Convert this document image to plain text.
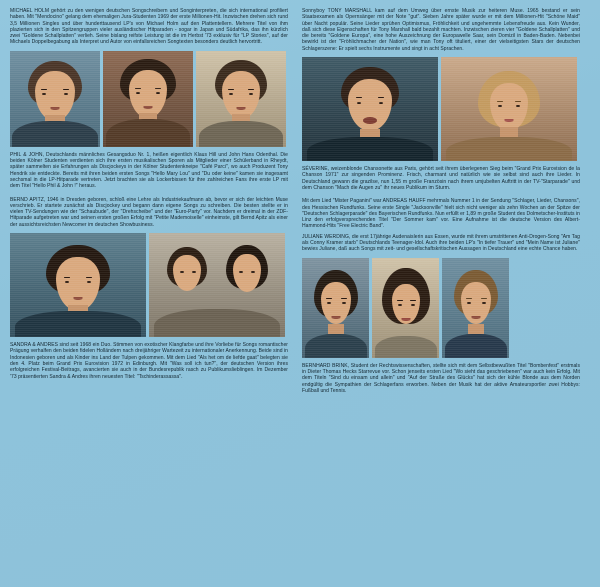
MICHAEL HOLM gehört zu den wenigen deutschen Songschreibern und Songinterpreten, die sich international profiliert haben. Mit "Mendocino" gelang dem ehemaligen Jura-Studenten 1969 der erste Millionen-Hit. Inzwischen drehen sich rund 3,5 Millionen Singles und über hunderttausend LP's von Michael Holm auf den Plattentellern. Mehrere Titel von ihm plazierten sich in den Spitzengruppen vieler ausländischer Hitparaden - sogar in Japan und Südafrika, das ihn kürzlich zwei "Goldene Schallplatten" verlieh. Seine bislang reifste Leistung ist die im Herbst '73 exklusiv für "LP Stories", auf der Michaels Doppelbegabung als Interpret und Autor von einfallsreichen Songtexten besonders deutlich hervortritt.
PHIL & JOHN, Deutschlands männliches Gesangsduo Nr. 1, heißen eigentlich Klaus Hill und John Hans Odenthal. Die beiden Kölner Studenten verdienten sich ihre ersten musikalischen Sporen als Mitglieder einer Schülerband in Rheydt, später sammelten sie Erfahrungen als Discjockeys in der Kölner Studentenkneipe "Café Parci", wo auch Produzent Tony Hendrik sie entdeckte. Bereits mit ihren beiden ersten Songs "Hello Mary Lou" und "Du oder keine" kamen sie insgesamt sechsmal in die LP-Hitparade vertreten. Jetzt brachten sie als Lockerbissen für ihre zahlreichen Fans ihre erste LP mit dem Titel "Hello Phil & John !" heraus.
BERND APITZ, 1946 in Dresden geboren, schloß eine Lehre als Industriekaufmann ab, bevor er sich der leichten Muse verschrieb. Er startete zunächst als Discjockey und begann dann eigene Songs zu schreiben. Die besten stellte er in vielen TV-Sendungen wie der "Schaubude", der "Drehscheibe" und der "Euro-Party" vor. Nachdem er dreimal in der ZDF-Hitparade aufgetreten war und seinen ersten großen Erfolg mit "Petite Mademoiselle" einheimste, gilt Bernd Apitz als einer der aussichtsreichsten Newcomer im deutschen Showbusiness.
SANDRA & ANDRES sind seit 1968 ein Duo. Stimmen von exotischer Klangfarbe und ihre Vorliebe für Songs romantischer Prägung verhalfen den beiden fidelen Holländern nach dreijähriger Wartezeit zu internationaler Anerkennung. Beide sind in Indonesien geboren und als Kinder ins Land der Tulpen gekommen. Mit dem Lied "Als het om de liefde gaat" belegten sie den 4. Platz beim Grand Prix Eurovision 1972 in Edinburgh. Mit "Was soll ich tun?", der deutschen Version ihres erfolgreichen Festival-Beitrags, avancierten sie auch in der Bundesrepublik rasch zu Publikumslieblingen. Im Dezember '73 präsentierten Sandra & Andres ihren neuesten Titel: "Tschinderassassa".
Sonnyboy TONY MARSHALL kam auf dem Umweg über ernste Musik zur heiteren Muse. 1965 bestand er sein Staatsexamen als Opernsänger mit der Note "gut". Sieben Jahre später wurde er mit dem Millionen-Hit "Schöne Maid" über Nacht populär. Seine Lieder sprühen Optimismus, Fröhlichkeit und ungehemmte Lebensfreude aus. Kein Wunder, daß sich diese Eigenschaften für Tony Marshall bald bezahlt machten. Inzwischen zieren vier "Goldene Schallplatten" und die bereits "Goldene Europa", eine hohe Auszeichnung der Europawelle Saar, sein Domizil in Baden-Baden. Nebenbei bewirkt ist der "Fröhlichmacher der Nation", wie man Tony oft tituliert, einer der vielseitigsten Stars der deutschen Schlagerszene: Er spielt sechs Instrumente und singt in acht Sprachen.
SÉVERINE, weizenblonde Chansonette aus Paris, gehört seit ihrem überlegenen Sieg beim "Grand Prix Eurovision de la Chanson 1971" zur singenden Prominenz. Frisch, charmant und natürlich wie sie selbst sind auch ihre Lieder. In Deutschland gewann die grazilse, nun 1,55 m große Französin nach ihrem umjubelten Auftritt in der TV-"Starparade" und dem Chanson "Mach die Augen zu" ihr neues Publikum im Sturm.
Mit dem Lied "Mister Paganini" war ANDREAS HAUFF mehrmals Nummer 1 in der Sendung "Schlager, Lieder, Chansons", des Hessischen Rundfunks. Seine erste Single "Jacksonville" hielt sich nicht weniger als zehn Wochen an der Spitze der "Deutschen Schlagerparade" des Bayerischen Rundfunks. Nun erfüllt er 1,89 m große Student des Dolmetscher-Instituts in Linz den erfolgversprechenden Titel "Der Sommer kam" vor. Eine Aufnahme ist die deutsche Version des Albert-Hammond-Hits "Free Electric Band".
JULIANE WERDING, die erst 17jährige Audenaislerin aus Essen, wurde mit ihrem umstrittenen Anti-Drogen-Song "Am Tag als Conny Kramer starb" Deutschlands Teenager-Idol. Auch ihre beiden LP's "In tiefer Trauer" und "Mein Name ist Juliane" bewies Juliane, daß auch Songs mit zeit- und gesellschaftskritischen Aussagen in Deutschland eine echte Chance haben.
BERNHARD BRINK, Student der Rechtswissenschaften, stellte sich mit dem Selbstbewußten Titel "Bombenfest" erstmals in Dieter Thomas Hecks Starrevue vor. Schon jenseits ersten Lied "Wo sieht das geschriebenen" war auch kein Erfolg. Mit dem Titeln "Sind du einsam und allein" und "Auf der Straße des Glücks" hat sich der kühle Blonde aus dem Norden endgültig die Sympathien der Schlagerfans erworben. Neben der Musik hat der aktive Amateursportler zwei Hobbys: Fußball und Tennis.
